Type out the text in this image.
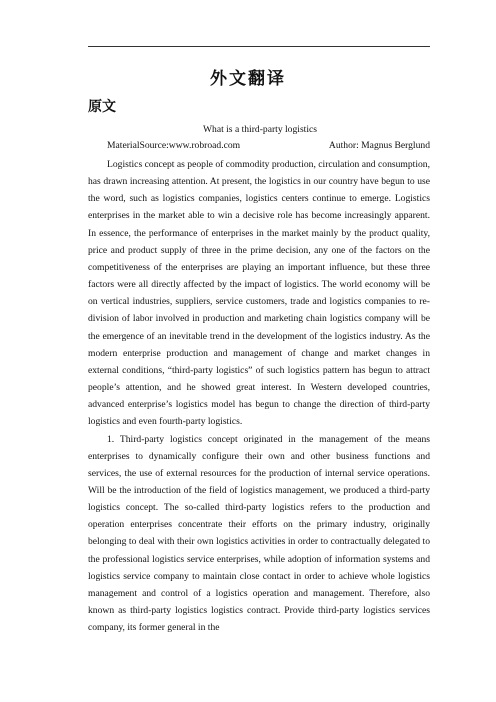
外文翻译
原文
What is a third-party logistics
MaterialSource:www.robroad.com	Author: Magnus Berglund

Logistics concept as people of commodity production, circulation and consumption, has drawn increasing attention. At present, the logistics in our country have begun to use the word, such as logistics companies, logistics centers continue to emerge. Logistics enterprises in the market able to win a decisive role has become increasingly apparent. In essence, the performance of enterprises in the market mainly by the product quality, price and product supply of three in the prime decision, any one of the factors on the competitiveness of the enterprises are playing an important influence, but these three factors were all directly affected by the impact of logistics. The world economy will be on vertical industries, suppliers, service customers, trade and logistics companies to re-division of labor involved in production and marketing chain logistics company will be the emergence of an inevitable trend in the development of the logistics industry. As the modern enterprise production and management of change and market changes in external conditions, “third-party logistics” of such logistics pattern has begun to attract people’s attention, and he showed great interest. In Western developed countries, advanced enterprise’s logistics model has begun to change the direction of third-party logistics and even fourth-party logistics.

1. Third-party logistics concept originated in the management of the means enterprises to dynamically configure their own and other business functions and services, the use of external resources for the production of internal service operations. Will be the introduction of the field of logistics management, we produced a third-party logistics concept. The so-called third-party logistics refers to the production and operation enterprises concentrate their efforts on the primary industry, originally belonging to deal with their own logistics activities in order to contractually delegated to the professional logistics service enterprises, while adoption of information systems and logistics service company to maintain close contact in order to achieve whole logistics management and control of a logistics operation and management. Therefore, also known as third-party logistics logistics contract. Provide third-party logistics services company, its former general in the
